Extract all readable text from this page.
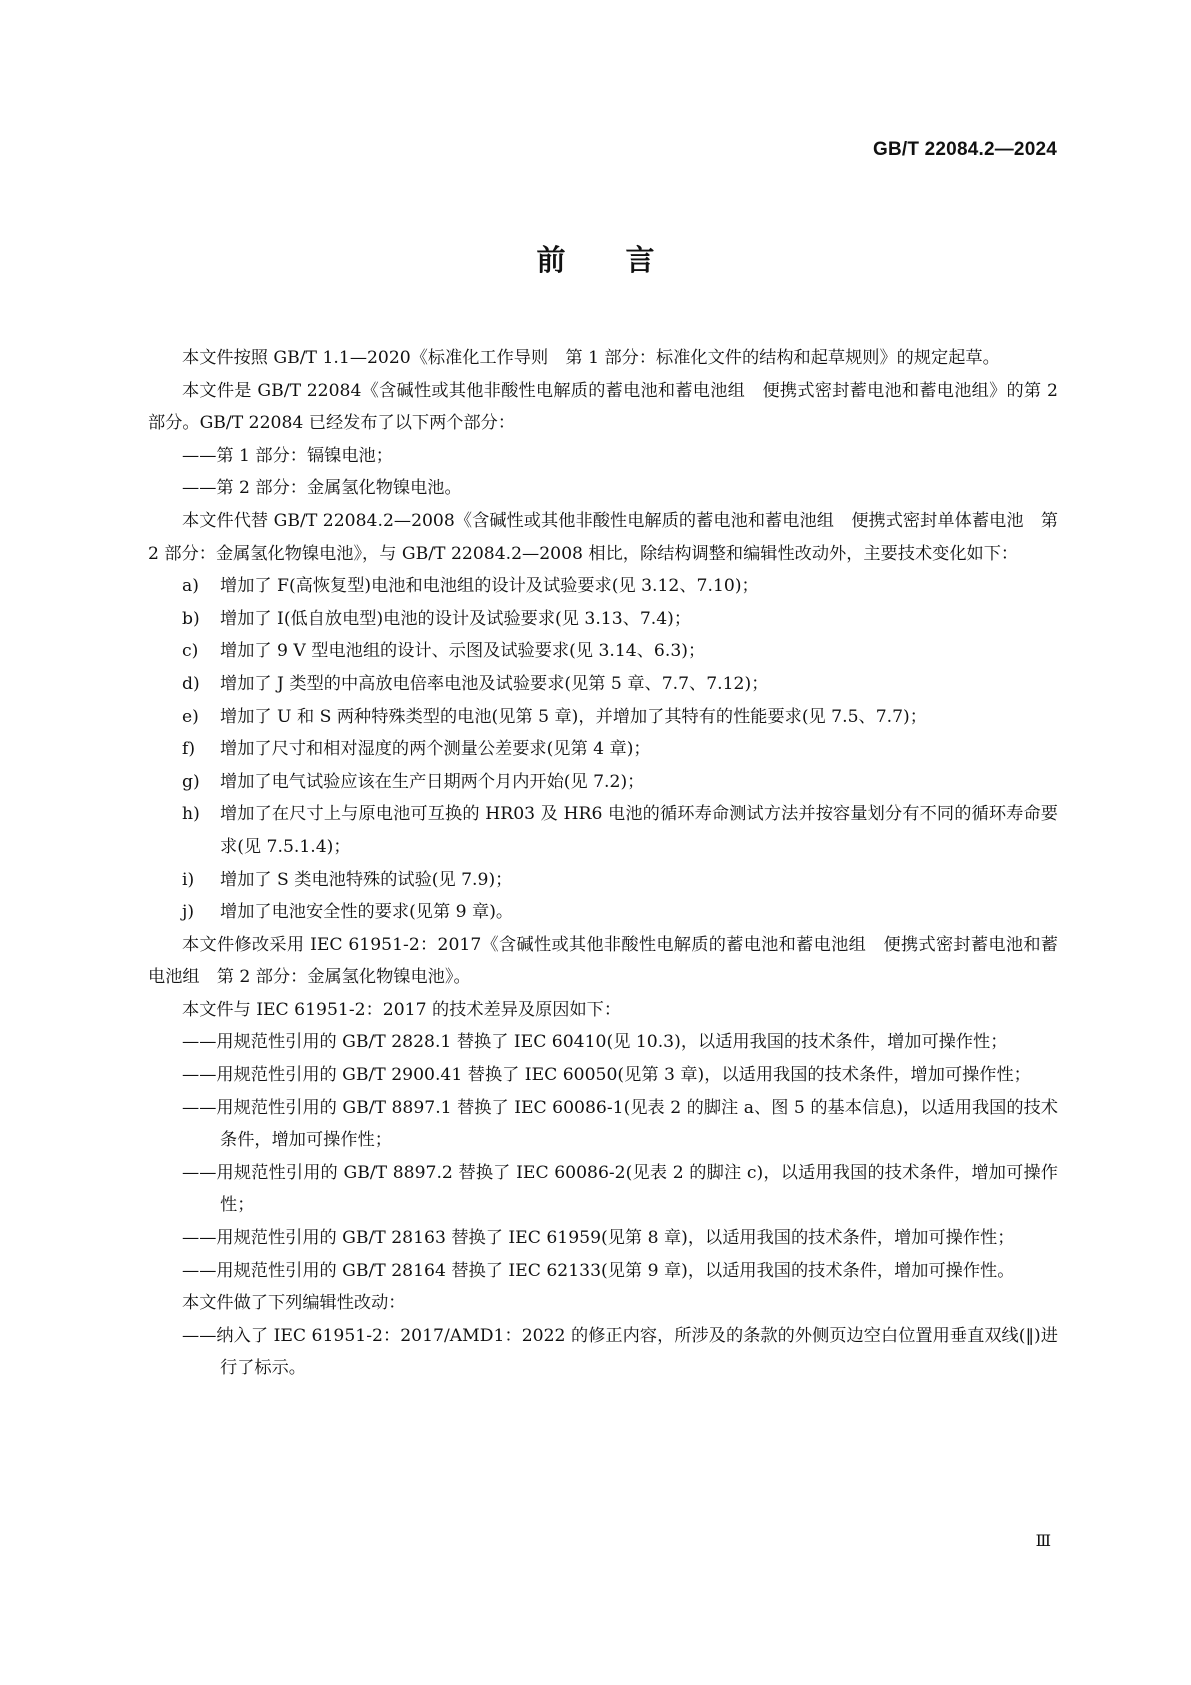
GB/T 22084.2—2024
前言

本文件按照 GB/T 1.1—2020《标准化工作导则　第 1 部分：标准化文件的结构和起草规则》的规定起草。

本文件是 GB/T 22084《含碱性或其他非酸性电解质的蓄电池和蓄电池组　便携式密封蓄电池和蓄电池组》的第 2 部分。GB/T 22084 已经发布了以下两个部分：

——第 1 部分：镉镍电池；

——第 2 部分：金属氢化物镍电池。

本文件代替 GB/T 22084.2—2008《含碱性或其他非酸性电解质的蓄电池和蓄电池组　便携式密封单体蓄电池　第 2 部分：金属氢化物镍电池》，与 GB/T 22084.2—2008 相比，除结构调整和编辑性改动外，主要技术变化如下：

a) 增加了 F(高恢复型)电池和电池组的设计及试验要求(见 3.12、7.10)；
b) 增加了 I(低自放电型)电池的设计及试验要求(见 3.13、7.4)；
c) 增加了 9 V 型电池组的设计、示图及试验要求(见 3.14、6.3)；
d) 增加了 J 类型的中高放电倍率电池及试验要求(见第 5 章、7.7、7.12)；
e) 增加了 U 和 S 两种特殊类型的电池(见第 5 章)，并增加了其特有的性能要求(见 7.5、7.7)；
f) 增加了尺寸和相对湿度的两个测量公差要求(见第 4 章)；
g) 增加了电气试验应该在生产日期两个月内开始(见 7.2)；
h) 增加了在尺寸上与原电池可互换的 HR03 及 HR6 电池的循环寿命测试方法并按容量划分有不同的循环寿命要求(见 7.5.1.4)；
i) 增加了 S 类电池特殊的试验(见 7.9)；
j) 增加了电池安全性的要求(见第 9 章)。

本文件修改采用 IEC 61951-2：2017《含碱性或其他非酸性电解质的蓄电池和蓄电池组　便携式密封蓄电池和蓄电池组　第 2 部分：金属氢化物镍电池》。

本文件与 IEC 61951-2：2017 的技术差异及原因如下：

——用规范性引用的 GB/T 2828.1 替换了 IEC 60410(见 10.3)，以适用我国的技术条件，增加可操作性；

——用规范性引用的 GB/T 2900.41 替换了 IEC 60050(见第 3 章)，以适用我国的技术条件，增加可操作性；

——用规范性引用的 GB/T 8897.1 替换了 IEC 60086-1(见表 2 的脚注 a、图 5 的基本信息)，以适用我国的技术条件，增加可操作性；

——用规范性引用的 GB/T 8897.2 替换了 IEC 60086-2(见表 2 的脚注 c)，以适用我国的技术条件，增加可操作性；

——用规范性引用的 GB/T 28163 替换了 IEC 61959(见第 8 章)，以适用我国的技术条件，增加可操作性；

——用规范性引用的 GB/T 28164 替换了 IEC 62133(见第 9 章)，以适用我国的技术条件，增加可操作性。

本文件做了下列编辑性改动：

——纳入了 IEC 61951-2：2017/AMD1：2022 的修正内容，所涉及的条款的外侧页边空白位置用垂直双线(‖)进行了标示。

Ⅲ
